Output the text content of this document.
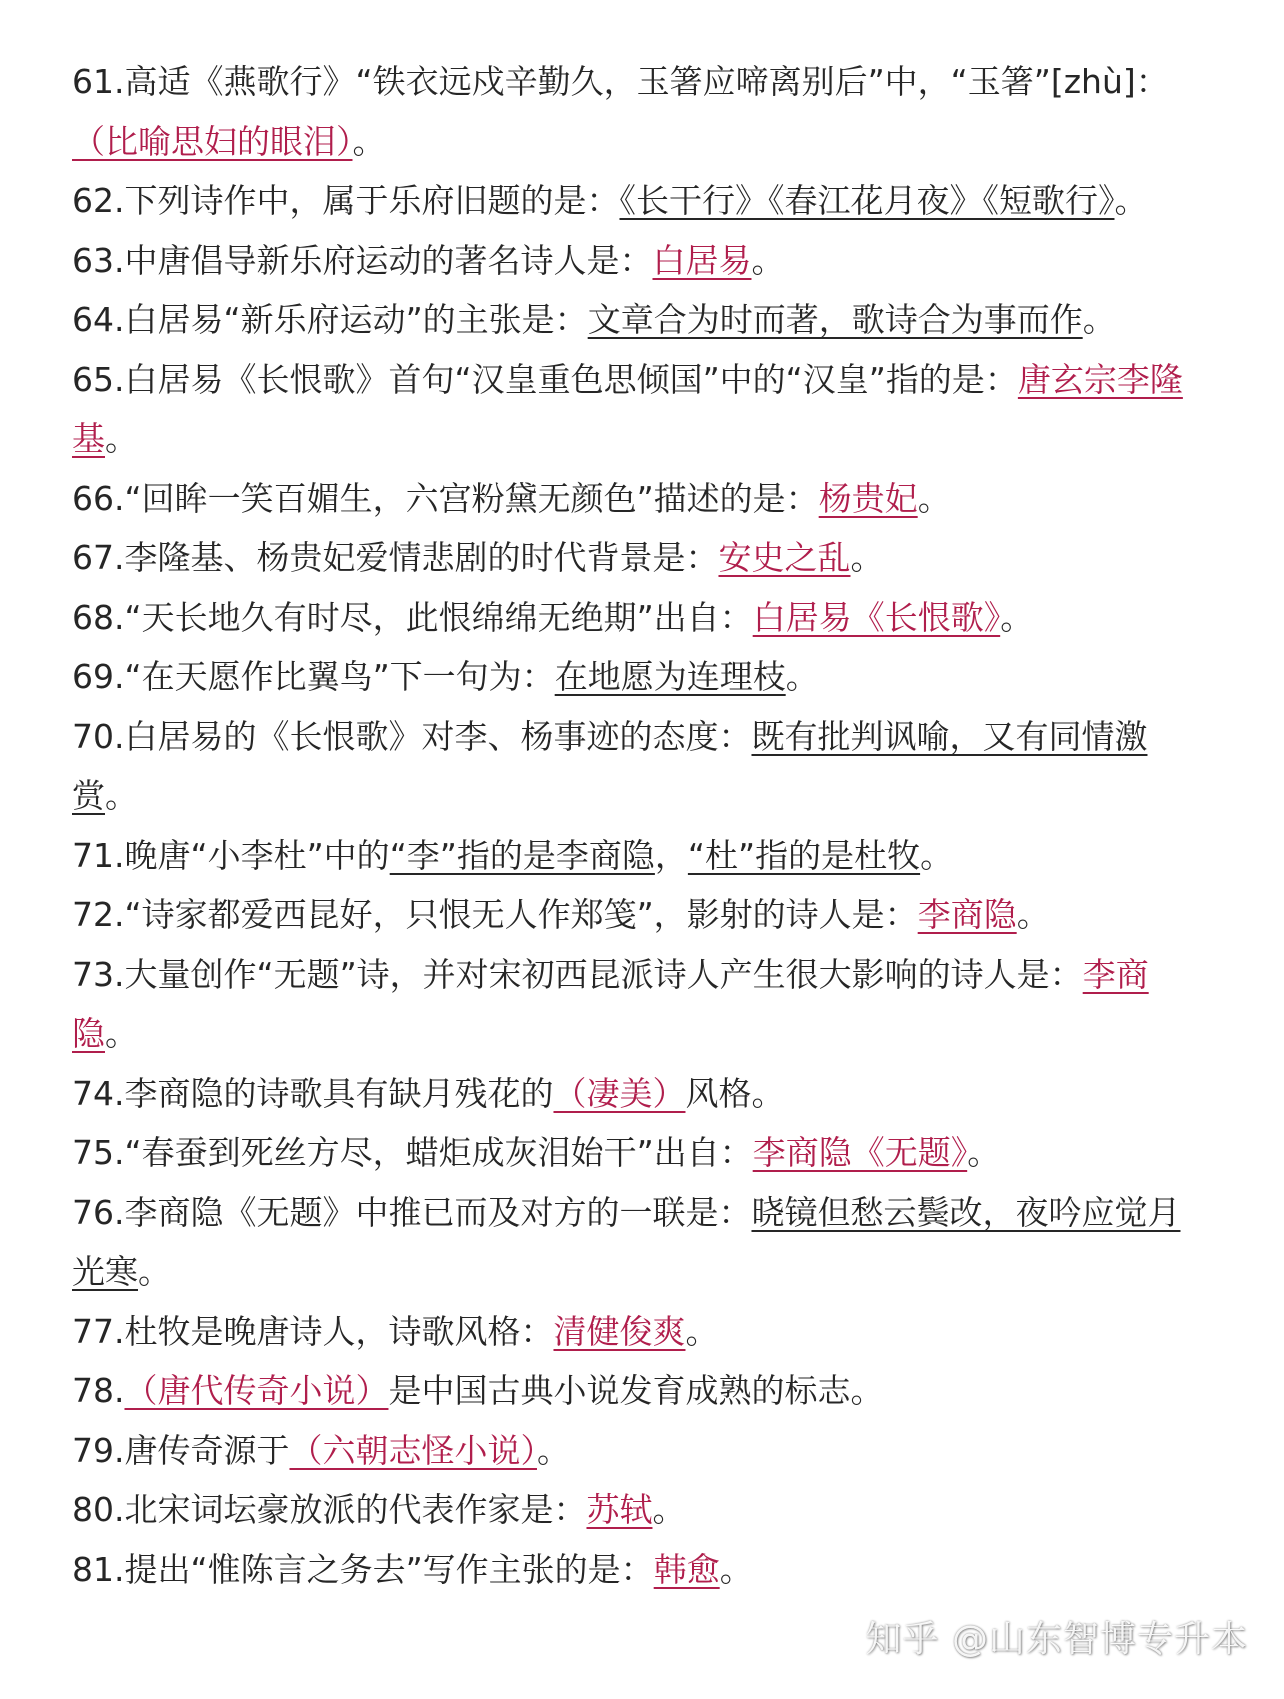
61.高适《燕歌行》“铁衣远戍辛勤久，玉箸应啼离别后”中，“玉箸”[zhù]：（比喻思妇的眼泪）。

62.下列诗作中，属于乐府旧题的是：《长干行》《春江花月夜》《短歌行》。

63.中唐倡导新乐府运动的著名诗人是：白居易。

64.白居易“新乐府运动”的主张是：文章合为时而著，歌诗合为事而作。

65.白居易《长恨歌》首句“汉皇重色思倾国”中的“汉皇”指的是：唐玄宗李隆基。

66.“回眸一笑百媚生，六宫粉黛无颜色”描述的是：杨贵妃。

67.李隆基、杨贵妃爱情悲剧的时代背景是：安史之乱。

68.“天长地久有时尽，此恨绵绵无绝期”出自：白居易《长恨歌》。

69.“在天愿作比翼鸟”下一句为：在地愿为连理枝。

70.白居易的《长恨歌》对李、杨事迹的态度：既有批判讽喻，又有同情激赏。

71.晚唐“小李杜”中的“李”指的是李商隐，“杜”指的是杜牧。

72.“诗家都爱西昆好，只恨无人作郑笺”，影射的诗人是：李商隐。

73.大量创作“无题”诗，并对宋初西昆派诗人产生很大影响的诗人是：李商隐。

74.李商隐的诗歌具有缺月残花的（凄美）风格。

75.“春蚕到死丝方尽，蜡炬成灰泪始干”出自：李商隐《无题》。

76.李商隐《无题》中推已而及对方的一联是：晓镜但愁云鬓改，夜吟应觉月光寒。

77.杜牧是晚唐诗人，诗歌风格：清健俊爽。

78.（唐代传奇小说）是中国古典小说发育成熟的标志。

79.唐传奇源于（六朝志怪小说）。

80.北宋词坛豪放派的代表作家是：苏轼。

81.提出“惟陈言之务去”写作主张的是：韩愈。

知乎 @山东智博专升本
